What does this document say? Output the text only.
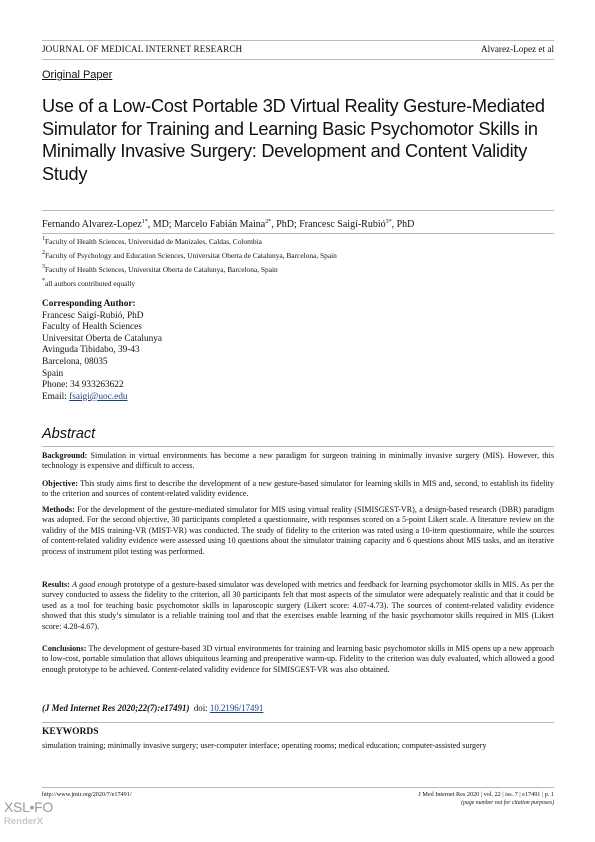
JOURNAL OF MEDICAL INTERNET RESEARCH	Alvarez-Lopez et al
Original Paper
Use of a Low-Cost Portable 3D Virtual Reality Gesture-Mediated Simulator for Training and Learning Basic Psychomotor Skills in Minimally Invasive Surgery: Development and Content Validity Study
Fernando Alvarez-Lopez$^{1*}$, MD; Marcelo Fabián Maina$^{2*}$, PhD; Francesc Saigí-Rubió$^{3*}$, PhD
$^1$Faculty of Health Sciences, Universidad de Manizales, Caldas, Colombia
$^2$Faculty of Psychology and Education Sciences, Universitat Oberta de Catalunya, Barcelona, Spain
$^3$Faculty of Health Sciences, Universitat Oberta de Catalunya, Barcelona, Spain
*all authors contributed equally
Corresponding Author:
Francesc Saigí-Rubió, PhD
Faculty of Health Sciences
Universitat Oberta de Catalunya
Avinguda Tibidabo, 39-43
Barcelona, 08035
Spain
Phone: 34 933263622
Email: fsaigi@uoc.edu
Abstract

Background: Simulation in virtual environments has become a new paradigm for surgeon training in minimally invasive surgery (MIS). However, this technology is expensive and difficult to access.

Objective: This study aims first to describe the development of a new gesture-based simulator for learning skills in MIS and, second, to establish its fidelity to the criterion and sources of content-related validity evidence.

Methods: For the development of the gesture-mediated simulator for MIS using virtual reality (SIMISGEST-VR), a design-based research (DBR) paradigm was adopted. For the second objective, 30 participants completed a questionnaire, with responses scored on a 5-point Likert scale. A literature review on the validity of the MIS training-VR (MIST-VR) was conducted. The study of fidelity to the criterion was rated using a 10-item questionnaire, while the sources of content-related validity evidence were assessed using 10 questions about the simulator training capacity and 6 questions about MIS tasks, and an iterative process of instrument pilot testing was performed.

Results: A good enough prototype of a gesture-based simulator was developed with metrics and feedback for learning psychomotor skills in MIS. As per the survey conducted to assess the fidelity to the criterion, all 30 participants felt that most aspects of the simulator were adequately realistic and that it could be used as a tool for teaching basic psychomotor skills in laparoscopic surgery (Likert score: 4.07-4.73). The sources of content-related validity evidence showed that this study’s simulator is a reliable training tool and that the exercises enable learning of the basic psychomotor skills required in MIS (Likert score: 4.28-4.67).

Conclusions: The development of gesture-based 3D virtual environments for training and learning basic psychomotor skills in MIS opens up a new approach to low-cost, portable simulation that allows ubiquitous learning and preoperative warm-up. Fidelity to the criterion was duly evaluated, which allowed a good enough prototype to be achieved. Content-related validity evidence for SIMISGEST-VR was also obtained.

(J Med Internet Res 2020;22(7):e17491) doi: 10.2196/17491
KEYWORDS
simulation training; minimally invasive surgery; user-computer interface; operating rooms; medical education; computer-assisted surgery
http://www.jmir.org/2020/7/e17491/	J Med Internet Res 2020 | vol. 22 | iss. 7 | e17491 | p. 1
(page number not for citation purposes)
XSL•FO
RenderX
